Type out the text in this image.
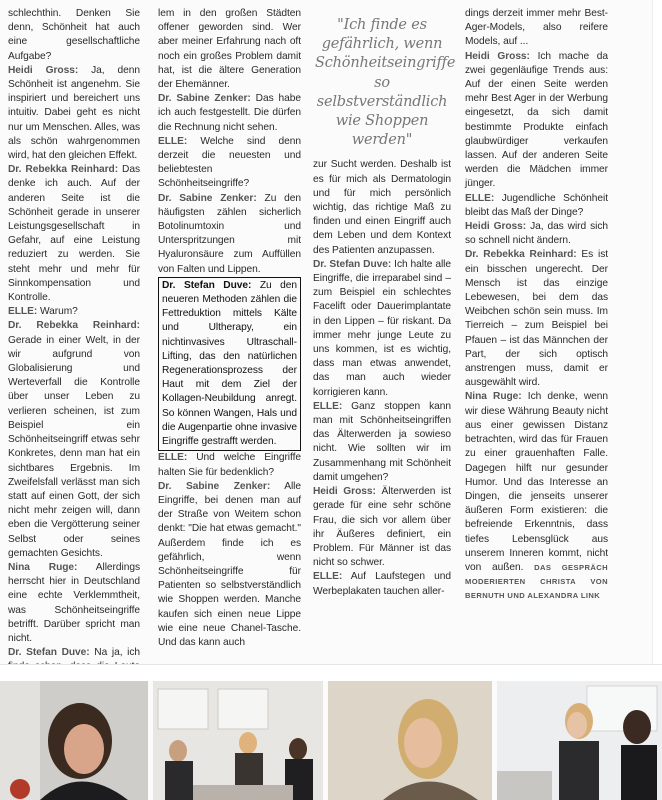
schlechthin. Denken Sie denn, Schönheit hat auch eine gesellschaftliche Aufgabe?

Heidi Gross: Ja, denn Schönheit ist angenehm. Sie inspiriert und bereichert uns intuitiv. Dabei geht es nicht nur um Menschen. Alles, was als schön wahrgenommen wird, hat den gleichen Effekt.

Dr. Rebekka Reinhard: Das denke ich auch. Auf der anderen Seite ist die Schönheit gerade in unserer Leistungsgesellschaft in Gefahr, auf eine Leistung reduziert zu werden. Sie steht mehr und mehr für Sinnkompensation und Kontrolle.

ELLE: Warum?

Dr. Rebekka Reinhard: Gerade in einer Welt, in der wir aufgrund von Globalisierung und Werteverfall die Kontrolle über unser Leben zu verlieren scheinen, ist zum Beispiel ein Schönheitseingriff etwas sehr Konkretes, denn man hat ein sichtbares Ergebnis. Im Zweifelsfall verlässt man sich statt auf einen Gott, der sich nicht mehr zeigen will, dann eben die Vergötterung seiner Selbst oder seines gemachten Gesichts.

Nina Ruge: Allerdings herrscht hier in Deutschland eine echte Verklemmtheit, was Schönheitseingriffe betrifft. Darüber spricht man nicht.

Dr. Stefan Duve: Na ja, ich

lem in den großen Städten offener geworden sind. Wer aber meiner Erfahrung nach oft noch ein großes Problem damit hat, ist die ältere Generation der Ehemänner.

Dr. Sabine Zenker: Das habe ich auch festgestellt. Die dürfen die Rechnung nicht sehen.

ELLE: Welche sind denn derzeit die neuesten und beliebtesten Schönheitseingriffe?

Dr. Sabine Zenker: Zu den häufigsten zählen sicherlich Botolinumtoxin und Unterspritzungen mit Hyaluronsäure zum Auffüllen von Falten und Lippen.

Dr. Stefan Duve: Zu den neueren Methoden zählen die Fettreduktion mittels Kälte und Ultherapy, ein nichtinvasives Ultraschall-Lifting, das den natürlichen Regenerationsprozess der Haut mit dem Ziel der Kollagen-Neubildung anregt. So können Wangen, Hals und die Augenpartie ohne invasive Eingriffe gestrafft werden.

ELLE: Und welche Eingriffe halten Sie für bedenklich?

Dr. Sabine Zenker: Alle Eingriffe, bei denen man auf der Straße von Weitem schon denkt: "Die hat etwas gemacht." Außerdem finde ich es gefährlich, wenn Schönheitseingriffe für Patienten so selbstverständlich wie Shoppen werden. Manche kaufen sich einen neue Lippe wie eine neue Chanel-Tasche. Und das kann auch

"Ich finde es gefährlich, wenn Schönheitseingriffe so selbstverständlich wie Shoppen werden"

zur Sucht werden. Deshalb ist es für mich als Dermatologin und für mich persönlich wichtig, das richtige Maß zu finden und einen Eingriff auch dem Leben und dem Kontext des Patienten anzupassen.

Dr. Stefan Duve: Ich halte alle Eingriffe, die irreparabel sind – zum Beispiel ein schlechtes Facelift oder Dauerimplantate in den Lippen – für riskant. Da immer mehr junge Leute zu uns kommen, ist es wichtig, dass man etwas anwendet, das man auch wieder korrigieren kann.

ELLE: Ganz stoppen kann man mit Schönheitseingriffen das Älterwerden ja sowieso nicht. Wie sollten wir im Zusammenhang mit Schönheit damit umgehen?

Heidi Gross: Älterwerden ist gerade für eine sehr schöne Frau, die sich vor allem über ihr Äußeres definiert, ein Problem. Für Männer ist das nicht so schwer.

ELLE: Auf Laufstegen und Werbeplakaten tauchen aller-

dings derzeit immer mehr Best-Ager-Models, also reifere Models, auf ...

Heidi Gross: Ich mache da zwei gegenläufige Trends aus: Auf der einen Seite werden mehr Best Ager in der Werbung eingesetzt, da sich damit bestimmte Produkte einfach glaubwürdiger verkaufen lassen. Auf der anderen Seite werden die Mädchen immer jünger.

ELLE: Jugendliche Schönheit bleibt das Maß der Dinge?

Heidi Gross: Ja, das wird sich so schnell nicht ändern.

Dr. Rebekka Reinhard: Es ist ein bisschen ungerecht. Der Mensch ist das einzige Lebewesen, bei dem das Weibchen schön sein muss. Im Tierreich – zum Beispiel bei Pfauen – ist das Männchen der Part, der sich optisch anstrengen muss, damit er ausgewählt wird.

Nina Ruge: Ich denke, wenn wir diese Währung Beauty nicht aus einer gewissen Distanz betrachten, wird das für Frauen zu einer grauenhaften Falle. Dagegen hilft nur gesunder Humor. Und das Interesse an Dingen, die jenseits unserer äußeren Form existieren: die befreiende Erkenntnis, dass tiefes Lebensglück aus unserem Inneren kommt, nicht von außen. DAS GESPRÄCH MODERIERTEN CHRISTA VON BERNUTH UND ALEXANDRA LINK
